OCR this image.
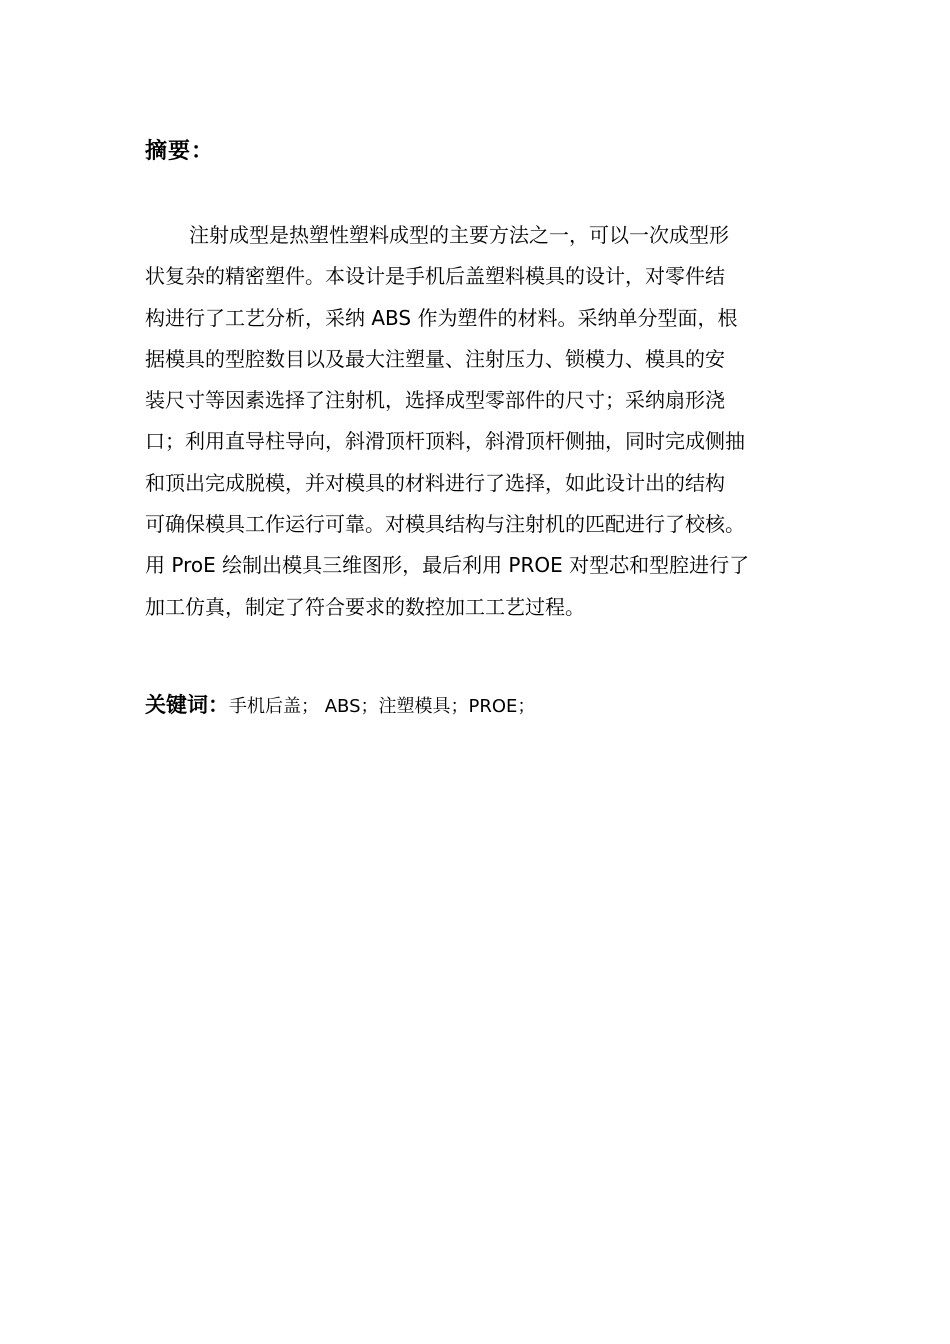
摘要：
注射成型是热塑性塑料成型的主要方法之一，可以一次成型形
状复杂的精密塑件。本设计是手机后盖塑料模具的设计，对零件结
构进行了工艺分析，采纳 ABS 作为塑件的材料。采纳单分型面，根
据模具的型腔数目以及最大注塑量、注射压力、锁模力、模具的安
装尺寸等因素选择了注射机，选择成型零部件的尺寸；采纳扇形浇
口；利用直导柱导向，斜滑顶杆顶料，斜滑顶杆侧抽，同时完成侧抽
和顶出完成脱模，并对模具的材料进行了选择，如此设计出的结构
可确保模具工作运行可靠。对模具结构与注射机的匹配进行了校核。
用 ProE 绘制出模具三维图形，最后利用 PROE 对型芯和型腔进行了
加工仿真，制定了符合要求的数控加工工艺过程。
关键词：手机后盖； ABS；注塑模具；PROE；
